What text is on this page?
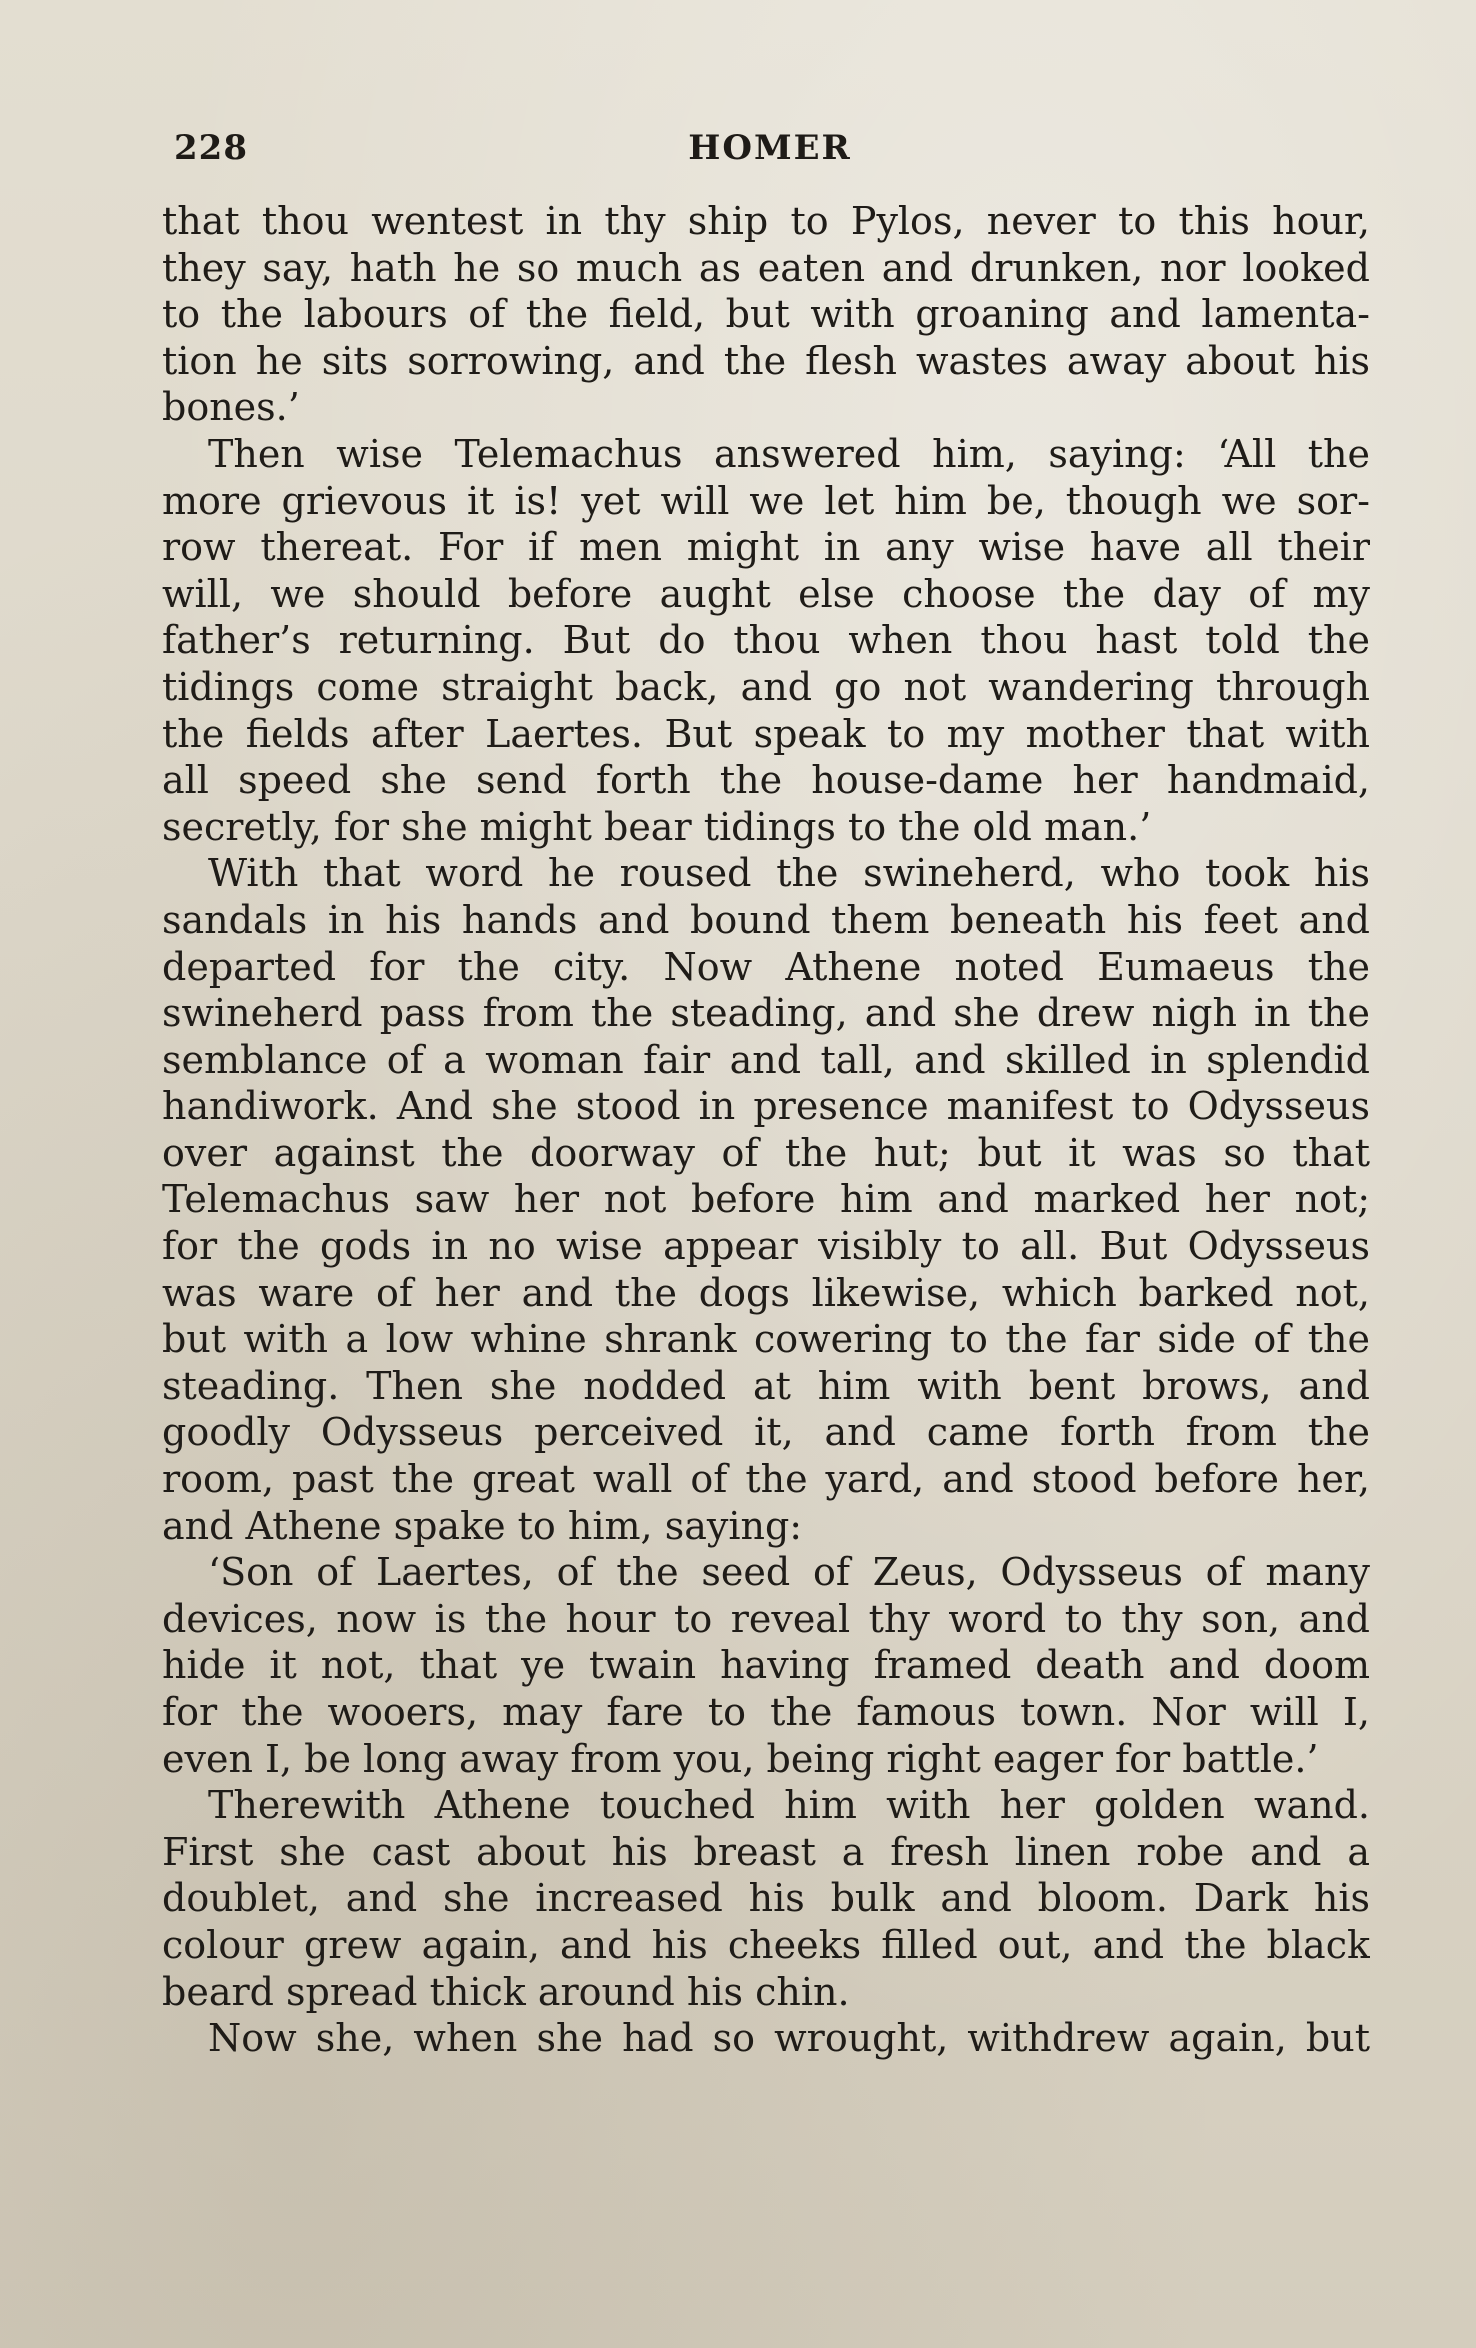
228	HOMER
that thou wentest in thy ship to Pylos, never to this hour,
they say, hath he so much as eaten and drunken, nor looked
to the labours of the field, but with groaning and lamenta-
tion he sits sorrowing, and the flesh wastes away about his
bones.’
Then wise Telemachus answered him, saying: ‘All the
more grievous it is! yet will we let him be, though we sor-
row thereat. For if men might in any wise have all their
will, we should before aught else choose the day of my
father’s returning. But do thou when thou hast told the
tidings come straight back, and go not wandering through
the fields after Laertes. But speak to my mother that with
all speed she send forth the house-dame her handmaid,
secretly, for she might bear tidings to the old man.’
With that word he roused the swineherd, who took his
sandals in his hands and bound them beneath his feet and
departed for the city. Now Athene noted Eumaeus the
swineherd pass from the steading, and she drew nigh in the
semblance of a woman fair and tall, and skilled in splendid
handiwork. And she stood in presence manifest to Odysseus
over against the doorway of the hut; but it was so that
Telemachus saw her not before him and marked her not;
for the gods in no wise appear visibly to all. But Odysseus
was ware of her and the dogs likewise, which barked not,
but with a low whine shrank cowering to the far side of the
steading. Then she nodded at him with bent brows, and
goodly Odysseus perceived it, and came forth from the
room, past the great wall of the yard, and stood before her,
and Athene spake to him, saying:
‘Son of Laertes, of the seed of Zeus, Odysseus of many
devices, now is the hour to reveal thy word to thy son, and
hide it not, that ye twain having framed death and doom
for the wooers, may fare to the famous town. Nor will I,
even I, be long away from you, being right eager for battle.’
Therewith Athene touched him with her golden wand.
First she cast about his breast a fresh linen robe and a
doublet, and she increased his bulk and bloom. Dark his
colour grew again, and his cheeks filled out, and the black
beard spread thick around his chin.
Now she, when she had so wrought, withdrew again, but
